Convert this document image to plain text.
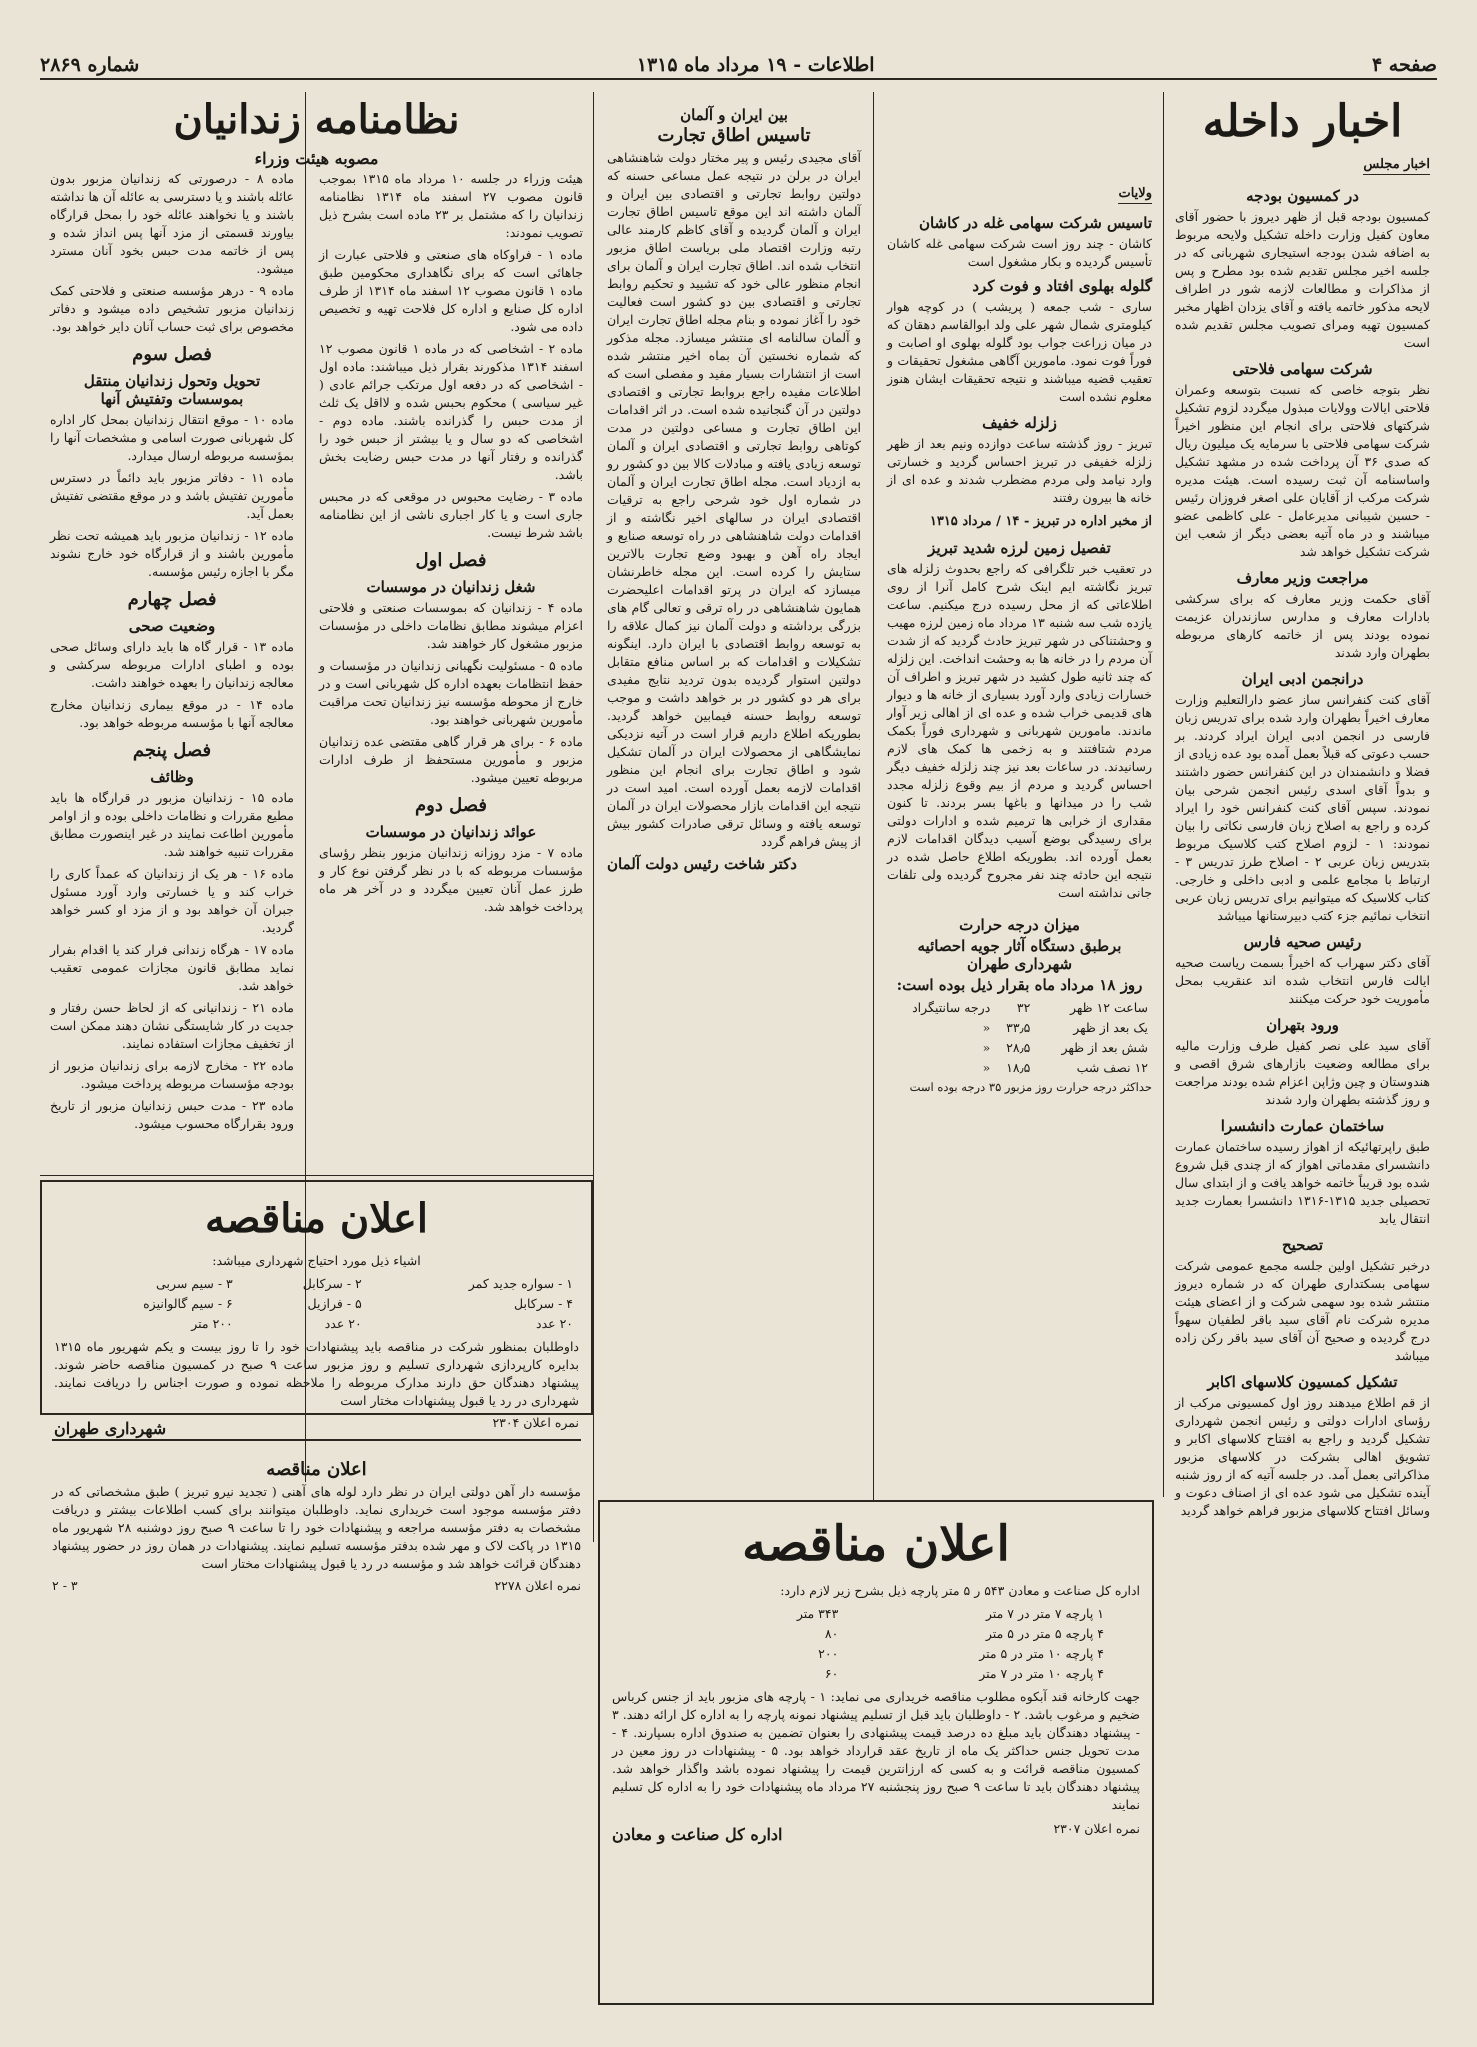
صفحه ۴
اطلاعات - ۱۹ مرداد ماه ۱۳۱۵
شماره ۲۸۶۹
اخبار داخله
اخبار مجلس
در کمسیون بودجه
کمسیون بودجه قبل از ظهر دیروز با حضور آقای معاون کفیل وزارت داخله تشکیل ولایحه مربوط به اضافه شدن بودجه استیجاری شهربانی که در جلسه اخیر مجلس تقدیم شده بود مطرح و پس از مذاکرات و مطالعات لازمه شور در اطراف لایحه مذکور خاتمه یافته و آقای یزدان اظهار مخبر کمسیون تهیه ومرای تصویب مجلس تقدیم شده است
شرکت سهامی فلاحتی
نظر بتوجه خاصی که نسبت بتوسعه وعمران فلاحتی ایالات وولایات مبذول میگردد لزوم تشکیل شرکتهای فلاحتی برای انجام این منظور اخیراً شرکت سهامی فلاحتی با سرمایه یک میلیون ریال که صدی ۳۶ آن پرداخت شده در مشهد تشکیل واساسنامه آن ثبت رسیده است. هیئت مدیره شرکت مرکب از آقایان علی اصغر فروزان رئیس - حسین شیبانی مدیرعامل - علی کاظمی عضو میباشند و در ماه آتیه بعضی دیگر از شعب این شرکت تشکیل خواهد شد
مراجعت وزیر معارف
آقای حکمت وزیر معارف که برای سرکشی بادارات معارف و مدارس سازندران عزیمت نموده بودند پس از خاتمه کارهای مربوطه بطهران وارد شدند
درانجمن ادبی ایران
آقای کنت کنفرانس ساز عضو دارالتعلیم وزارت معارف اخیراً بطهران وارد شده برای تدریس زبان فارسی در انجمن ادبی ایران ایراد کردند. بر حسب دعوتی که قبلاً بعمل آمده بود عده زیادی از فضلا و دانشمندان در این کنفرانس حضور داشتند و بدواً آقای اسدی رئیس انجمن شرحی بیان نمودند. سپس آقای کنت کنفرانس خود را ایراد کرده و راجع به اصلاح زبان فارسی نکاتی را بیان نمودند: ۱ - لزوم اصلاح کتب کلاسیک مربوط بتدریس زبان عربی ۲ - اصلاح طرز تدریس ۳ - ارتباط با مجامع علمی و ادبی داخلی و خارجی. کتاب کلاسیک که میتوانیم برای تدریس زبان عربی انتخاب نمائیم جزء کتب دبیرستانها میباشد
رئیس صحیه فارس
آقای دکتر سهراب که اخیراً بسمت ریاست صحیه ایالت فارس انتخاب شده اند عنقریب بمحل مأموریت خود حرکت میکنند
ورود بتهران
آقای سید علی نصر کفیل طرف وزارت مالیه برای مطالعه وضعیت بازارهای شرق اقصی و هندوستان و چین وژاپن اعزام شده بودند مراجعت و روز گذشته بطهران وارد شدند
ساختمان عمارت دانشسرا
طبق راپرتهائیکه از اهواز رسیده ساختمان عمارت دانشسرای مقدماتی اهواز که از چندی قبل شروع شده بود قریباً خاتمه خواهد یافت و از ابتدای سال تحصیلی جدید ۱۳۱۵-۱۳۱۶ دانشسرا بعمارت جدید انتقال یابد
تصحیح
درخبر تشکیل اولین جلسه مجمع عمومی شرکت سهامی بسکتداری طهران که در شماره دیروز منتشر شده بود سهمی شرکت و از اعضای هیئت مدیره شرکت نام آقای سید باقر لطفیان سهواً درج گردیده و صحیح آن آقای سید باقر رکن زاده میباشد
تشکیل کمسیون کلاسهای اکابر
از قم اطلاع میدهند روز اول کمسیونی مرکب از رؤسای ادارات دولتی و رئیس انجمن شهرداری تشکیل گردید و راجع به افتتاح کلاسهای اکابر و تشویق اهالی بشرکت در کلاسهای مزبور مذاکراتی بعمل آمد. در جلسه آتیه که از روز شنبه آینده تشکیل می شود عده ای از اصناف دعوت و وسائل افتتاح کلاسهای مزبور فراهم خواهد گردید
ولایات
تاسیس شرکت سهامی غله در کاشان
کاشان - چند روز است شرکت سهامی غله کاشان تأسیس گردیده و بکار مشغول است
گلوله بهلوی افتاد و فوت کرد
ساری - شب جمعه ( پریشب ) در کوچه هوار کیلومتری شمال شهر علی ولد ابوالقاسم دهقان که در میان زراعت جواب بود گلوله بهلوی او اصابت و فوراً فوت نمود. مامورین آگاهی مشغول تحقیقات و تعقیب قضیه میباشند و نتیجه تحقیقات ایشان هنوز معلوم نشده است
زلزله خفیف
تبریز - روز گذشته ساعت دوازده ونیم بعد از ظهر زلزله خفیفی در تبریز احساس گردید و خسارتی وارد نیامد ولی مردم مضطرب شدند و عده ای از خانه ها بیرون رفتند
از مخبر اداره در تبریز - ۱۴ / مرداد ۱۳۱۵
تفصیل زمین لرزه شدید تبریز
در تعقیب خبر تلگرافی که راجع بحدوث زلزله های تبریز نگاشته ایم اینک شرح کامل آنرا از روی اطلاعاتی که از محل رسیده درج میکنیم. ساعت یازده شب سه شنبه ۱۳ مرداد ماه زمین لرزه مهیب و وحشتناکی در شهر تبریز حادث گردید که از شدت آن مردم را در خانه ها به وحشت انداخت. این زلزله که چند ثانیه طول کشید در شهر تبریز و اطراف آن خسارات زیادی وارد آورد بسیاری از خانه ها و دیوار های قدیمی خراب شده و عده ای از اهالی زیر آوار ماندند. مامورین شهربانی و شهرداری فوراً بکمک مردم شتافتند و به زخمی ها کمک های لازم رسانیدند. در ساعات بعد نیز چند زلزله خفیف دیگر احساس گردید و مردم از بیم وقوع زلزله مجدد شب را در میدانها و باغها بسر بردند. تا کنون مقداری از خرابی ها ترمیم شده و ادارات دولتی برای رسیدگی بوضع آسیب دیدگان اقدامات لازم بعمل آورده اند. بطوریکه اطلاع حاصل شده در نتیجه این حادثه چند نفر مجروح گردیده ولی تلفات جانی نداشته است
میزان درجه حرارت
برطبق دستگاه آثار جویه احصائیه شهرداری طهران
روز ۱۸ مرداد ماه بقرار ذیل بوده است:
ساعت ۱۲ ظهر	۳۲	درجه سانتیگراد
یک بعد از ظهر	۳۳٫۵	«
شش بعد از ظهر	۲۸٫۵	«
۱۲ نصف شب	۱۸٫۵	«
حداکثر درجه حرارت روز مزبور ۳۵ درجه بوده است
بین ایران و آلمان
تاسیس اطاق تجارت
آقای مجیدی رئیس و پیر مختار دولت شاهنشاهی ایران در برلن در نتیجه عمل مساعی حسنه که دولتین روابط تجارتی و اقتصادی بین ایران و آلمان داشته اند این موقع تاسیس اطاق تجارت ایران و آلمان گردیده و آقای کاظم کارمند عالی رتبه وزارت اقتصاد ملی بریاست اطاق مزبور انتخاب شده اند. اطاق تجارت ایران و آلمان برای انجام منظور عالی خود که تشیید و تحکیم روابط تجارتی و اقتصادی بین دو کشور است فعالیت خود را آغاز نموده و بنام مجله اطاق تجارت ایران و آلمان سالنامه ای منتشر میسازد. مجله مذکور که شماره نخستین آن بماه اخیر منتشر شده است از انتشارات بسیار مفید و مفصلی است که اطلاعات مفیده راجع بروابط تجارتی و اقتصادی دولتین در آن گنجانیده شده است. در اثر اقدامات این اطاق تجارت و مساعی دولتین در مدت کوتاهی روابط تجارتی و اقتصادی ایران و آلمان توسعه زیادی یافته و مبادلات کالا بین دو کشور رو به ازدیاد است. مجله اطاق تجارت ایران و آلمان در شماره اول خود شرحی راجع به ترقیات اقتصادی ایران در سالهای اخیر نگاشته و از اقدامات دولت شاهنشاهی در راه توسعه صنایع و ایجاد راه آهن و بهبود وضع تجارت بالاترین ستایش را کرده است. این مجله خاطرنشان میسازد که ایران در پرتو اقدامات اعلیحضرت همایون شاهنشاهی در راه ترقی و تعالی گام های بزرگی برداشته و دولت آلمان نیز کمال علاقه را به توسعه روابط اقتصادی با ایران دارد. اینگونه تشکیلات و اقدامات که بر اساس منافع متقابل دولتین استوار گردیده بدون تردید نتایج مفیدی برای هر دو کشور در بر خواهد داشت و موجب توسعه روابط حسنه فیمابین خواهد گردید. بطوریکه اطلاع داریم قرار است در آتیه نزدیکی نمایشگاهی از محصولات ایران در آلمان تشکیل شود و اطاق تجارت برای انجام این منظور اقدامات لازمه بعمل آورده است. امید است در نتیجه این اقدامات بازار محصولات ایران در آلمان توسعه یافته و وسائل ترقی صادرات کشور بیش از پیش فراهم گردد
دکتر شاخت رئیس دولت آلمان
نظامنامه زندانیان
مصوبه هیئت وزراء
هیئت وزراء در جلسه ۱۰ مرداد ماه ۱۳۱۵ بموجب قانون مصوب ۲۷ اسفند ماه ۱۳۱۴ نظامنامه زندانیان را که مشتمل بر ۲۳ ماده است بشرح ذیل تصویب نمودند:
ماده ۱ - فراوکاه های صنعتی و فلاحتی عبارت از جاهائی است که برای نگاهداری محکومین طبق ماده ۱ قانون مصوب ۱۲ اسفند ماه ۱۳۱۴ از طرف اداره کل صنایع و اداره کل فلاحت تهیه و تخصیص داده می شود.
ماده ۲ - اشخاصی که در ماده ۱ قانون مصوب ۱۲ اسفند ۱۳۱۴ مذکورند بقرار ذیل میباشند: ماده اول - اشخاصی که در دفعه اول مرتکب جرائم عادی ( غیر سیاسی ) محکوم بحبس شده و لااقل یک ثلث از مدت حبس را گذرانده باشند. ماده دوم - اشخاصی که دو سال و یا بیشتر از حبس خود را گذرانده و رفتار آنها در مدت حبس رضایت بخش باشد.
ماده ۳ - رضایت محبوس در موقعی که در محبس جاری است و یا کار اجباری ناشی از این نظامنامه باشد شرط نیست.
فصل اول
شغل زندانیان در موسسات
ماده ۴ - زندانیان که بموسسات صنعتی و فلاحتی اعزام میشوند مطابق نظامات داخلی در مؤسسات مزبور مشغول کار خواهند شد.
ماده ۵ - مسئولیت نگهبانی زندانیان در مؤسسات و حفظ انتظامات بعهده اداره کل شهربانی است و در خارج از محوطه مؤسسه نیز زندانیان تحت مراقبت مأمورین شهربانی خواهند بود.
ماده ۶ - برای هر قرار گاهی مقتضی عده زندانیان مزبور و مأمورین مستحفظ از طرف ادارات مربوطه تعیین میشود.
فصل دوم
عوائد زندانیان در موسسات
ماده ۷ - مزد روزانه زندانیان مزبور بنظر رؤسای مؤسسات مربوطه که با در نظر گرفتن نوع کار و طرز عمل آنان تعیین میگردد و در آخر هر ماه پرداخت خواهد شد.
ماده ۸ - درصورتی که زندانیان مزبور بدون عائله باشند و یا دسترسی به عائله آن ها نداشته باشند و یا نخواهند عائله خود را بمحل قرارگاه بیاورند قسمتی از مزد آنها پس انداز شده و پس از خاتمه مدت حبس بخود آنان مسترد میشود.
ماده ۹ - درهر مؤسسه صنعتی و فلاحتی کمک زندانیان مزبور تشخیص داده میشود و دفاتر مخصوص برای ثبت حساب آنان دایر خواهد بود.
فصل سوم
تحویل وتحول زندانیان منتقل بموسسات وتفتیش آنها
ماده ۱۰ - موقع انتقال زندانیان بمحل کار اداره کل شهربانی صورت اسامی و مشخصات آنها را بمؤسسه مربوطه ارسال میدارد.
ماده ۱۱ - دفاتر مزبور باید دائماً در دسترس مأمورین تفتیش باشد و در موقع مقتضی تفتیش بعمل آید.
ماده ۱۲ - زندانیان مزبور باید همیشه تحت نظر مأمورین باشند و از قرارگاه خود خارج نشوند مگر با اجازه رئیس مؤسسه.
فصل چهارم
وضعیت صحی
ماده ۱۳ - قرار گاه ها باید دارای وسائل صحی بوده و اطبای ادارات مربوطه سرکشی و معالجه زندانیان را بعهده خواهند داشت.
ماده ۱۴ - در موقع بیماری زندانیان مخارج معالجه آنها با مؤسسه مربوطه خواهد بود.
فصل پنجم
وظائف
ماده ۱۵ - زندانیان مزبور در قرارگاه ها باید مطیع مقررات و نظامات داخلی بوده و از اوامر مأمورین اطاعت نمایند در غیر اینصورت مطابق مقررات تنبیه خواهند شد.
ماده ۱۶ - هر یک از زندانیان که عمداً کاری را خراب کند و یا خسارتی وارد آورد مسئول جبران آن خواهد بود و از مزد او کسر خواهد گردید.
ماده ۱۷ - هرگاه زندانی فرار کند یا اقدام بفرار نماید مطابق قانون مجازات عمومی تعقیب خواهد شد.
ماده ۲۱ - زندانیانی که از لحاظ حسن رفتار و جدیت در کار شایستگی نشان دهند ممکن است از تخفیف مجازات استفاده نمایند.
ماده ۲۲ - مخارج لازمه برای زندانیان مزبور از بودجه مؤسسات مربوطه پرداخت میشود.
ماده ۲۳ - مدت حبس زندانیان مزبور از تاریخ ورود بقرارگاه محسوب میشود.
اعلان مناقصه
اشیاء ذیل مورد احتیاج شهرداری میباشد:
۱ - سواره جدید کمر	۲ - سرکابل	۳ - سیم سربی
۴ - سرکابل	۵ - فرازیل	۶ - سیم گالوانیزه
۲۰ عدد	۲۰ عدد	۲۰۰ متر
داوطلبان بمنظور شرکت در مناقصه باید پیشنهادات خود را تا روز بیست و یکم شهریور ماه ۱۳۱۵ بدایره کارپردازی شهرداری تسلیم و روز مزبور ساعت ۹ صبح در کمسیون مناقصه حاضر شوند. پیشنهاد دهندگان حق دارند مدارک مربوطه را ملاحظه نموده و صورت اجناس را دریافت نمایند. شهرداری در رد یا قبول پیشنهادات مختار است
نمره اعلان ۲۳۰۴
شهرداری طهران
اعلان مناقصه
اداره کل صناعت و معادن ۵۴۳ ر ۵ متر پارچه ذیل بشرح زیر لازم دارد:
۱ پارچه ۷ متر در ۷ متر	۳۴۳ متر
۴ پارچه ۵ متر در ۵ متر	۸۰
۴ پارچه ۱۰ متر در ۵ متر	۲۰۰
۴ پارچه ۱۰ متر در ۷ متر	۶۰
جهت کارخانه قند آبکوه مطلوب مناقصه خریداری می نماید: ۱ - پارچه های مزبور باید از جنس کرباس ضخیم و مرغوب باشد. ۲ - داوطلبان باید قبل از تسلیم پیشنهاد نمونه پارچه را به اداره کل ارائه دهند. ۳ - پیشنهاد دهندگان باید مبلغ ده درصد قیمت پیشنهادی را بعنوان تضمین به صندوق اداره بسپارند. ۴ - مدت تحویل جنس حداکثر یک ماه از تاریخ عقد قرارداد خواهد بود. ۵ - پیشنهادات در روز معین در کمسیون مناقصه قرائت و به کسی که ارزانترین قیمت را پیشنهاد نموده باشد واگذار خواهد شد. پیشنهاد دهندگان باید تا ساعت ۹ صبح روز پنجشنبه ۲۷ مرداد ماه پیشنهادات خود را به اداره کل تسلیم نمایند
نمره اعلان ۲۳۰۷
اداره کل صناعت و معادن
اعلان مناقصه
مؤسسه دار آهن دولتی ایران در نظر دارد لوله های آهنی ( تجدید نیرو تبریز ) طبق مشخصاتی که در دفتر مؤسسه موجود است خریداری نماید. داوطلبان میتوانند برای کسب اطلاعات بیشتر و دریافت مشخصات به دفتر مؤسسه مراجعه و پیشنهادات خود را تا ساعت ۹ صبح روز دوشنبه ۲۸ شهریور ماه ۱۳۱۵ در پاکت لاک و مهر شده بدفتر مؤسسه تسلیم نمایند. پیشنهادات در همان روز در حضور پیشنهاد دهندگان قرائت خواهد شد و مؤسسه در رد یا قبول پیشنهادات مختار است
نمره اعلان ۲۲۷۸
۳ - ۲
